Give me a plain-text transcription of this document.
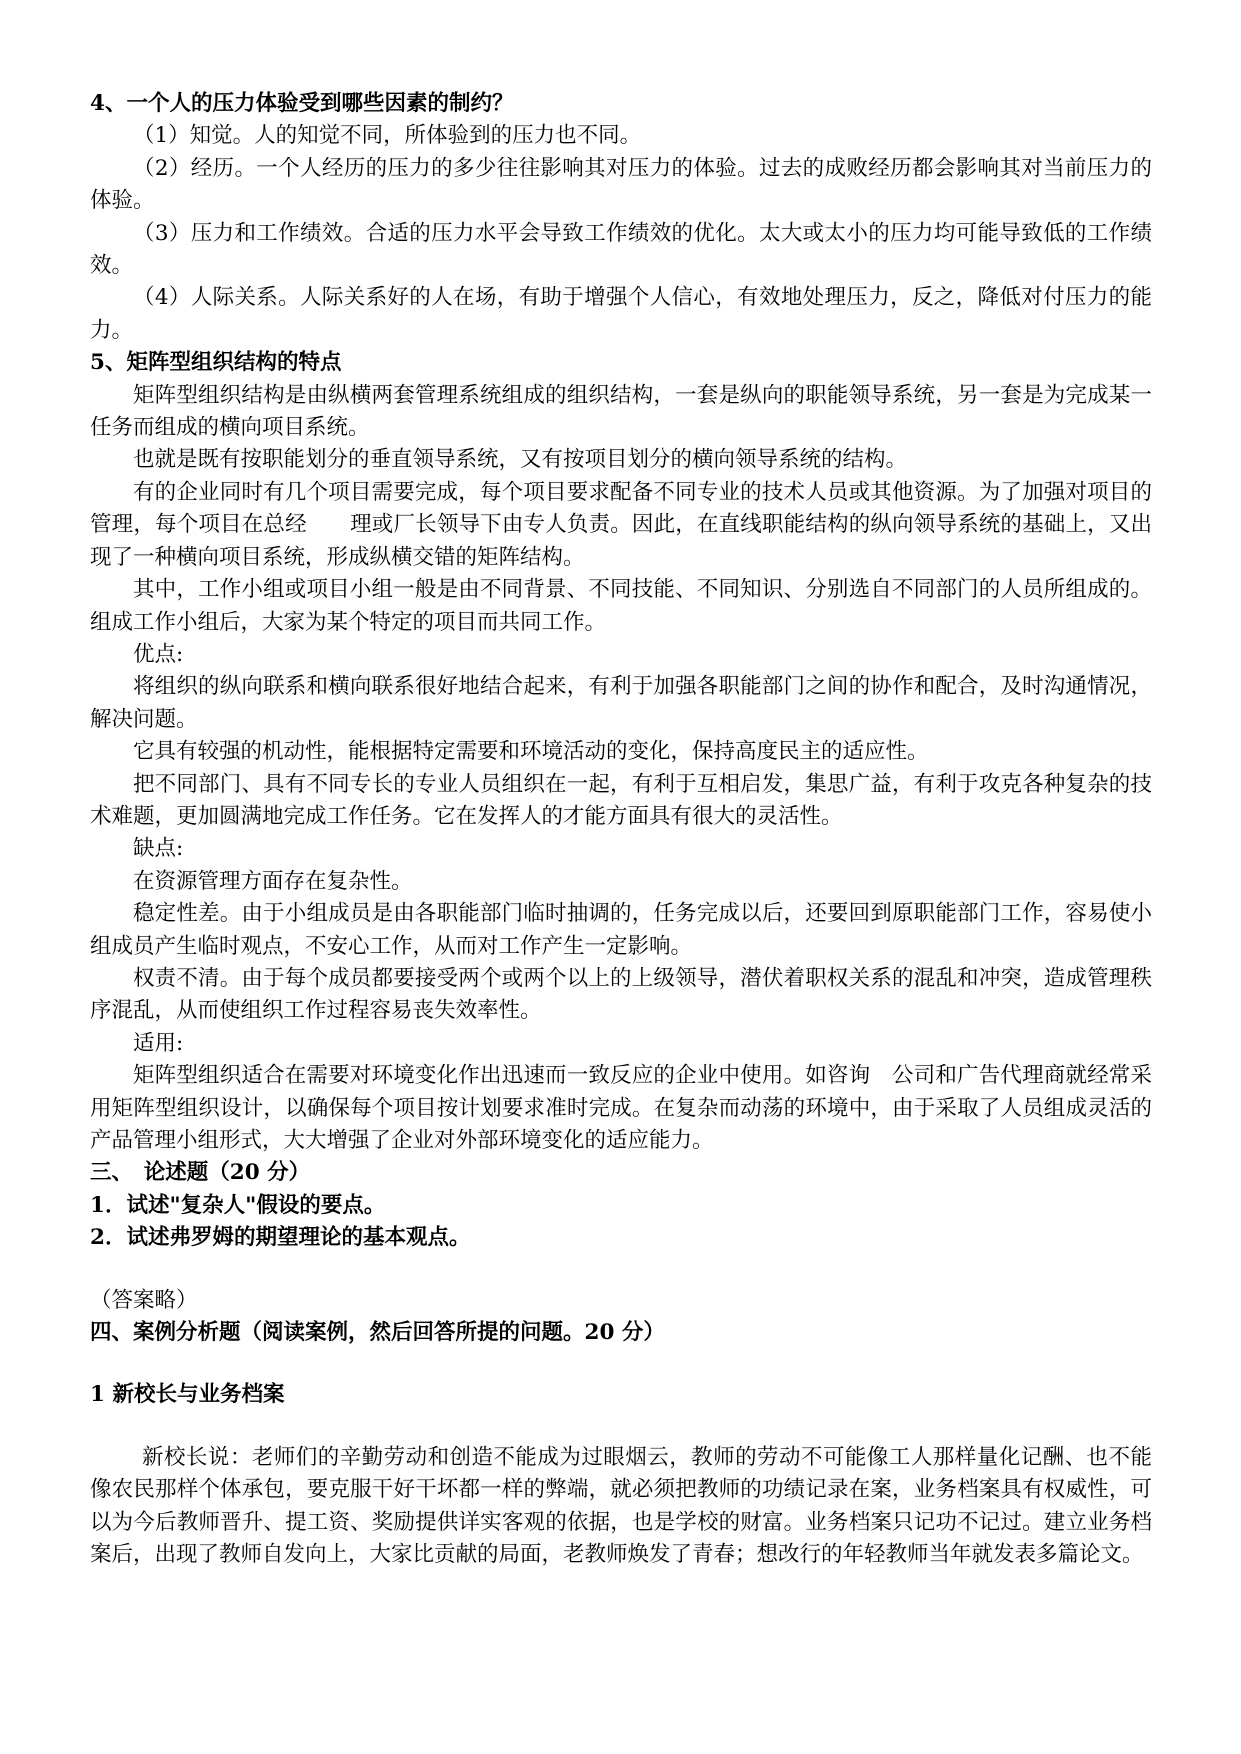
4、一个人的压力体验受到哪些因素的制约？

（1）知觉。人的知觉不同，所体验到的压力也不同。

（2）经历。一个人经历的压力的多少往往影响其对压力的体验。过去的成败经历都会影响其对当前压力的体验。

（3）压力和工作绩效。合适的压力水平会导致工作绩效的优化。太大或太小的压力均可能导致低的工作绩效。

（4）人际关系。人际关系好的人在场，有助于增强个人信心，有效地处理压力，反之，降低对付压力的能力。

5、矩阵型组织结构的特点

矩阵型组织结构是由纵横两套管理系统组成的组织结构，一套是纵向的职能领导系统，另一套是为完成某一任务而组成的横向项目系统。

也就是既有按职能划分的垂直领导系统，又有按项目划分的横向领导系统的结构。

有的企业同时有几个项目需要完成，每个项目要求配备不同专业的技术人员或其他资源。为了加强对项目的管理，每个项目在总经　　理或厂长领导下由专人负责。因此，在直线职能结构的纵向领导系统的基础上，又出现了一种横向项目系统，形成纵横交错的矩阵结构。

其中，工作小组或项目小组一般是由不同背景、不同技能、不同知识、分别选自不同部门的人员所组成的。组成工作小组后，大家为某个特定的项目而共同工作。

优点:

将组织的纵向联系和横向联系很好地结合起来，有利于加强各职能部门之间的协作和配合，及时沟通情况，解决问题。

它具有较强的机动性，能根据特定需要和环境活动的变化，保持高度民主的适应性。

把不同部门、具有不同专长的专业人员组织在一起，有利于互相启发，集思广益，有利于攻克各种复杂的技术难题，更加圆满地完成工作任务。它在发挥人的才能方面具有很大的灵活性。

缺点:

在资源管理方面存在复杂性。

稳定性差。由于小组成员是由各职能部门临时抽调的，任务完成以后，还要回到原职能部门工作，容易使小组成员产生临时观点，不安心工作，从而对工作产生一定影响。

权责不清。由于每个成员都要接受两个或两个以上的上级领导，潜伏着职权关系的混乱和冲突，造成管理秩序混乱，从而使组织工作过程容易丧失效率性。

适用:

矩阵型组织适合在需要对环境变化作出迅速而一致反应的企业中使用。如咨询　公司和广告代理商就经常采用矩阵型组织设计，以确保每个项目按计划要求准时完成。在复杂而动荡的环境中，由于采取了人员组成灵活的产品管理小组形式，大大增强了企业对外部环境变化的适应能力。

三、　论述题（20 分）

1．试述"复杂人"假设的要点。

2．试述弗罗姆的期望理论的基本观点。

（答案略）

四、案例分析题（阅读案例，然后回答所提的问题。20 分）

1 新校长与业务档案

新校长说：老师们的辛勤劳动和创造不能成为过眼烟云，教师的劳动不可能像工人那样量化记酬、也不能像农民那样个体承包，要克服干好干坏都一样的弊端，就必须把教师的功绩记录在案，业务档案具有权威性，可以为今后教师晋升、提工资、奖励提供详实客观的依据，也是学校的财富。业务档案只记功不记过。建立业务档案后，出现了教师自发向上，大家比贡献的局面，老教师焕发了青春；想改行的年轻教师当年就发表多篇论文。
